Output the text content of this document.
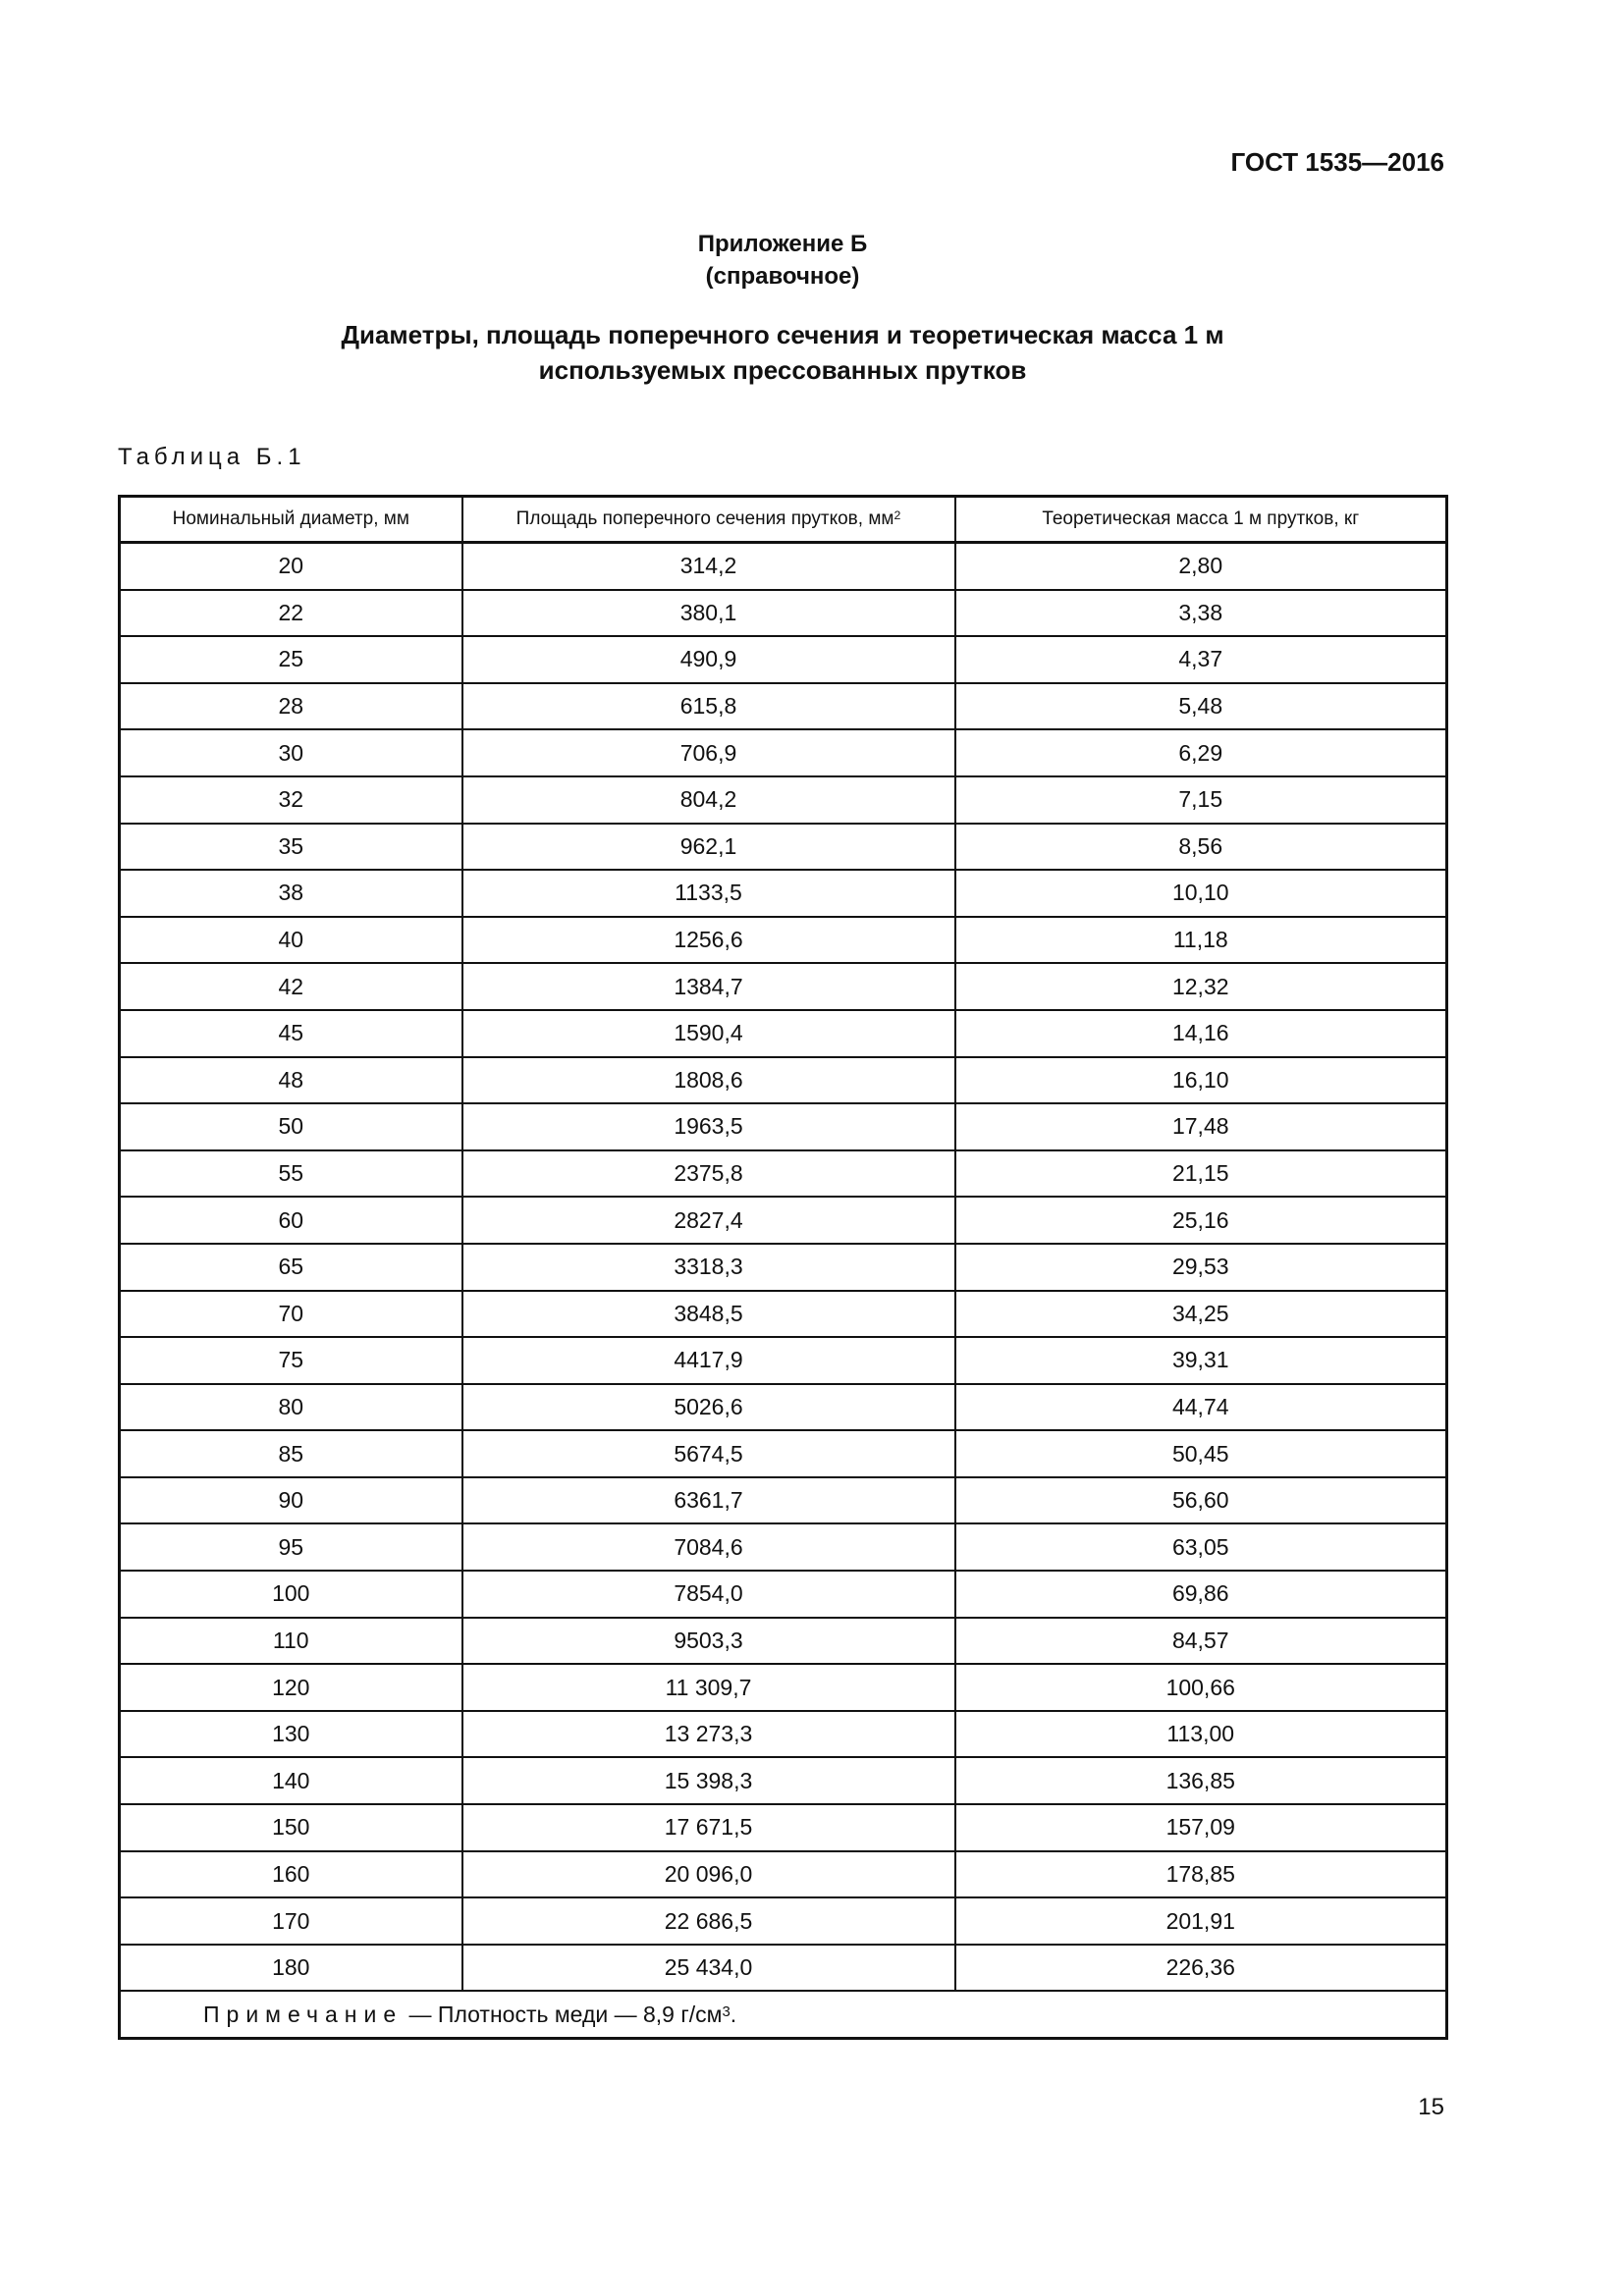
ГОСТ 1535—2016
Приложение Б
(справочное)
Диаметры, площадь поперечного сечения и теоретическая масса 1 м
используемых прессованных прутков
Таблица Б.1
Номинальный диаметр, мм	Площадь поперечного сечения прутков, $мм^2$	Теоретическая масса 1 м прутков, кг
20	314,2	2,80
22	380,1	3,38
25	490,9	4,37
28	615,8	5,48
30	706,9	6,29
32	804,2	7,15
35	962,1	8,56
38	1133,5	10,10
40	1256,6	11,18
42	1384,7	12,32
45	1590,4	14,16
48	1808,6	16,10
50	1963,5	17,48
55	2375,8	21,15
60	2827,4	25,16
65	3318,3	29,53
70	3848,5	34,25
75	4417,9	39,31
80	5026,6	44,74
85	5674,5	50,45
90	6361,7	56,60
95	7084,6	63,05
100	7854,0	69,86
110	9503,3	84,57
120	11 309,7	100,66
130	13 273,3	113,00
140	15 398,3	136,85
150	17 671,5	157,09
160	20 096,0	178,85
170	22 686,5	201,91
180	25 434,0	226,36
Примечание — Плотность меди — 8,9 $г/см^3$.		
15
